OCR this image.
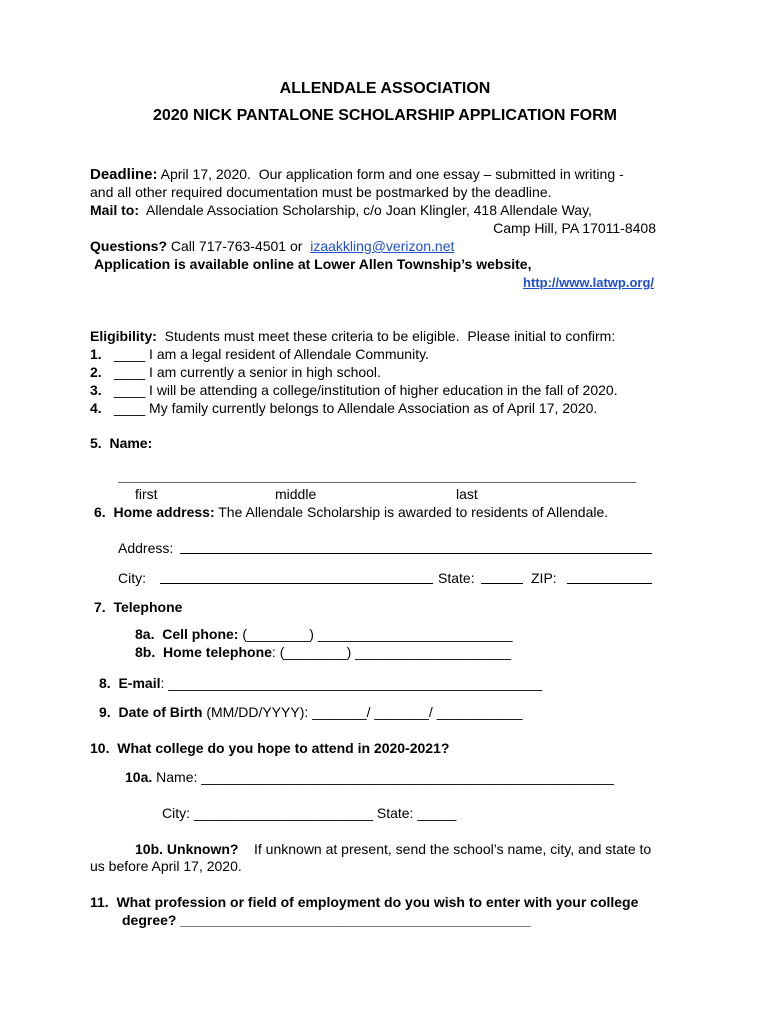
ALLENDALE ASSOCIATION
2020 NICK PANTALONE SCHOLARSHIP APPLICATION FORM
Deadline: April 17, 2020.  Our application form and one essay – submitted in writing -
and all other required documentation must be postmarked by the deadline.
Mail to:  Allendale Association Scholarship, c/o Joan Klingler, 418 Allendale Way,
Camp Hill, PA 17011-8408
Questions? Call 717-763-4501 or  izaakkling@verizon.net
Application is available online at Lower Allen Township’s website,
http://www.latwp.org/
Eligibility:  Students must meet these criteria to be eligible.  Please initial to confirm:
1. ____ I am a legal resident of Allendale Community.
2. ____ I am currently a senior in high school.
3. ____ I will be attending a college/institution of higher education in the fall of 2020.
4. ____ My family currently belongs to Allendale Association as of April 17, 2020.
5.  Name:
first	middle	last
6.  Home address: The Allendale Scholarship is awarded to residents of Allendale.
Address:
City:	State:	ZIP:
7.  Telephone
8a.  Cell phone: (________) _________________________
8b.  Home telephone: (________) ____________________
8.  E-mail: ________________________________________________
9.  Date of Birth (MM/DD/YYYY): _______/ _______/ ___________
10.  What college do you hope to attend in 2020-2021?
10a. Name: _____________________________________________________
City: _______________________ State: _____
10b. Unknown?    If unknown at present, send the school’s name, city, and state to
us before April 17, 2020.
11.  What profession or field of employment do you wish to enter with your college
degree? _____________________________________________
